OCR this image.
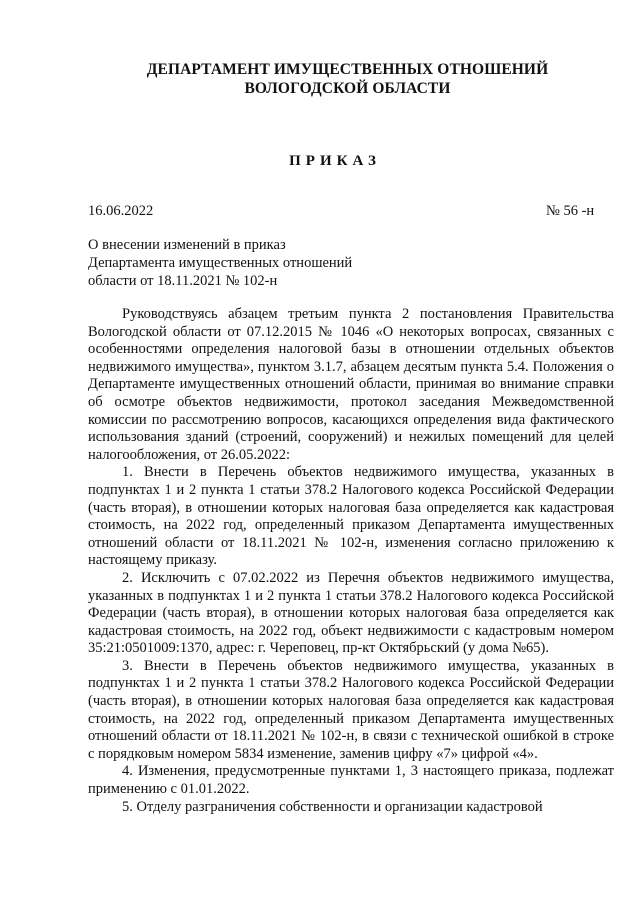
ДЕПАРТАМЕНТ ИМУЩЕСТВЕННЫХ ОТНОШЕНИЙ
ВОЛОГОДСКОЙ ОБЛАСТИ
ПРИКАЗ
16.06.2022	№ 56 -н
О внесении изменений в приказ
Департамента имущественных отношений
области от 18.11.2021 № 102-н

Руководствуясь абзацем третьим пункта 2 постановления Правительства Вологодской области от 07.12.2015 № 1046 «О некоторых вопросах, связанных с особенностями определения налоговой базы в отношении отдельных объектов недвижимого имущества», пунктом 3.1.7, абзацем десятым пункта 5.4. Положения о Департаменте имущественных отношений области, принимая во внимание справки об осмотре объектов недвижимости, протокол заседания Межведомственной комиссии по рассмотрению вопросов, касающихся определения вида фактического использования зданий (строений, сооружений) и нежилых помещений для целей налогообложения, от 26.05.2022:

1. Внести в Перечень объектов недвижимого имущества, указанных в подпунктах 1 и 2 пункта 1 статьи 378.2 Налогового кодекса Российской Федерации (часть вторая), в отношении которых налоговая база определяется как кадастровая стоимость, на 2022 год, определенный приказом Департамента имущественных отношений области от 18.11.2021 № 102-н, изменения согласно приложению к настоящему приказу.

2. Исключить с 07.02.2022 из Перечня объектов недвижимого имущества, указанных в подпунктах 1 и 2 пункта 1 статьи 378.2 Налогового кодекса Российской Федерации (часть вторая), в отношении которых налоговая база определяется как кадастровая стоимость, на 2022 год, объект недвижимости с кадастровым номером 35:21:0501009:1370, адрес: г. Череповец, пр-кт Октябрьский (у дома №65).

3. Внести в Перечень объектов недвижимого имущества, указанных в подпунктах 1 и 2 пункта 1 статьи 378.2 Налогового кодекса Российской Федерации (часть вторая), в отношении которых налоговая база определяется как кадастровая стоимость, на 2022 год, определенный приказом Департамента имущественных отношений области от 18.11.2021 № 102-н, в связи с технической ошибкой в строке с порядковым номером 5834 изменение, заменив цифру «7» цифрой «4».

4. Изменения, предусмотренные пунктами 1, 3 настоящего приказа, подлежат применению с 01.01.2022.

5. Отделу разграничения собственности и организации кадастровой
